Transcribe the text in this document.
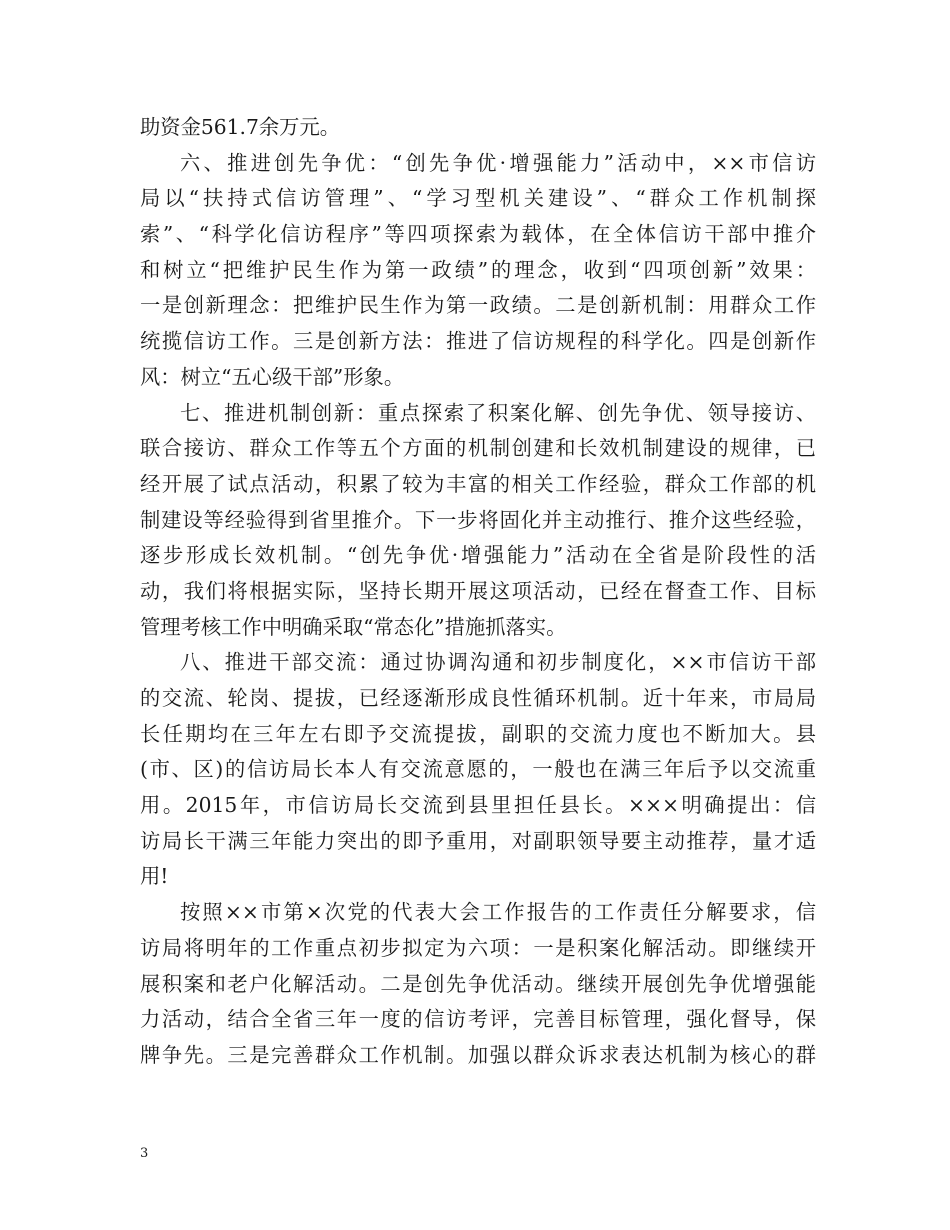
助资金561.7余万元。
六、推进创先争优：“创先争优·增强能力”活动中，××市信访
局以“扶持式信访管理”、“学习型机关建设”、“群众工作机制探
索”、“科学化信访程序”等四项探索为载体，在全体信访干部中推介
和树立“把维护民生作为第一政绩”的理念，收到“四项创新”效果：
一是创新理念：把维护民生作为第一政绩。二是创新机制：用群众工作
统揽信访工作。三是创新方法：推进了信访规程的科学化。四是创新作
风：树立“五心级干部”形象。
七、推进机制创新：重点探索了积案化解、创先争优、领导接访、
联合接访、群众工作等五个方面的机制创建和长效机制建设的规律，已
经开展了试点活动，积累了较为丰富的相关工作经验，群众工作部的机
制建设等经验得到省里推介。下一步将固化并主动推行、推介这些经验，
逐步形成长效机制。“创先争优·增强能力”活动在全省是阶段性的活
动，我们将根据实际，坚持长期开展这项活动，已经在督查工作、目标
管理考核工作中明确采取“常态化”措施抓落实。
八、推进干部交流：通过协调沟通和初步制度化，××市信访干部
的交流、轮岗、提拔，已经逐渐形成良性循环机制。近十年来，市局局
长任期均在三年左右即予交流提拔，副职的交流力度也不断加大。县
(市、区)的信访局长本人有交流意愿的，一般也在满三年后予以交流重
用。2015年，市信访局长交流到县里担任县长。×××明确提出：信
访局长干满三年能力突出的即予重用，对副职领导要主动推荐，量才适
用!
按照××市第×次党的代表大会工作报告的工作责任分解要求，信
访局将明年的工作重点初步拟定为六项：一是积案化解活动。即继续开
展积案和老户化解活动。二是创先争优活动。继续开展创先争优增强能
力活动，结合全省三年一度的信访考评，完善目标管理，强化督导，保
牌争先。三是完善群众工作机制。加强以群众诉求表达机制为核心的群
3
